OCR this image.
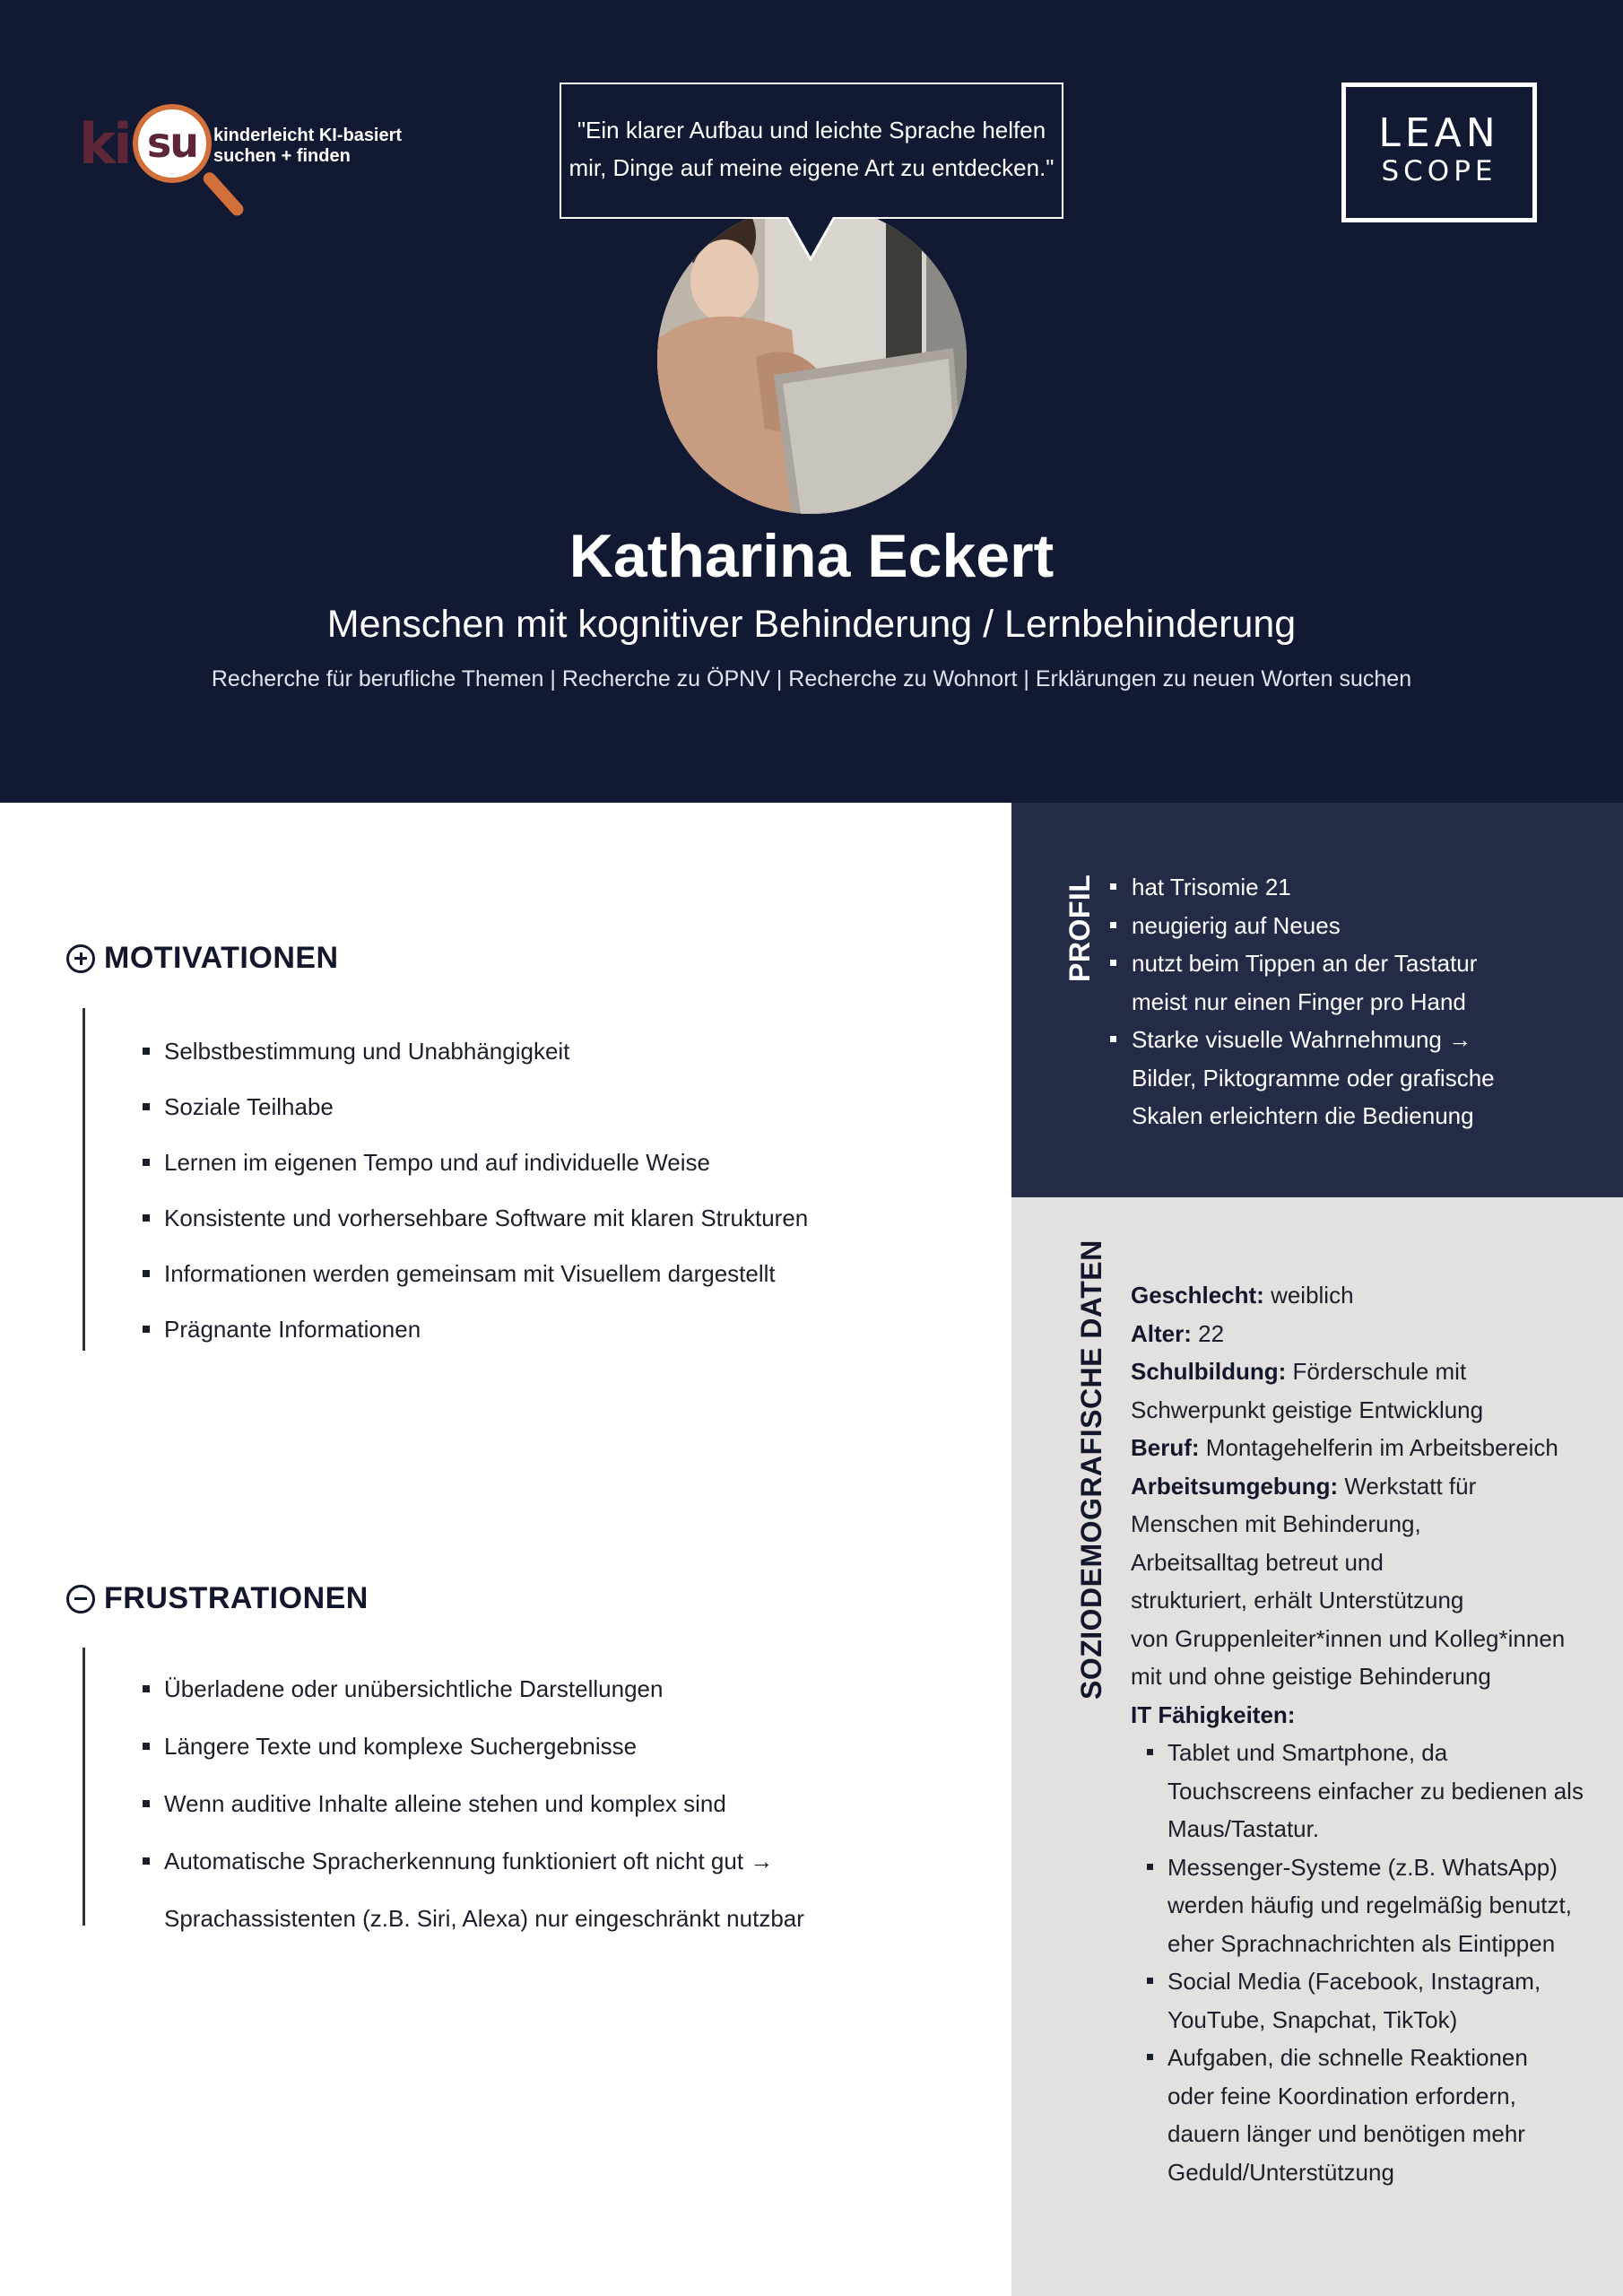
ki su kinderleicht KI-basiert
suchen + finden
"Ein klarer Aufbau und leichte Sprache helfen
mir, Dinge auf meine eigene Art zu entdecken."
LEAN
SCOPE
Katharina Eckert
Menschen mit kognitiver Behinderung / Lernbehinderung
Recherche für berufliche Themen | Recherche zu ÖPNV | Recherche zu Wohnort | Erklärungen zu neuen Worten suchen
MOTIVATIONEN
Selbstbestimmung und Unabhängigkeit
Soziale Teilhabe
Lernen im eigenen Tempo und auf individuelle Weise
Konsistente und vorhersehbare Software mit klaren Strukturen
Informationen werden gemeinsam mit Visuellem dargestellt
Prägnante Informationen
FRUSTRATIONEN
Überladene oder unübersichtliche Darstellungen
Längere Texte und komplexe Suchergebnisse
Wenn auditive Inhalte alleine stehen und komplex sind
Automatische Spracherkennung funktioniert oft nicht gut →
Sprachassistenten (z.B. Siri, Alexa) nur eingeschränkt nutzbar
PROFIL	hat Trisomie 21
neugierig auf Neues
nutzt beim Tippen an der Tastatur meist nur einen Finger pro Hand
Starke visuelle Wahrnehmung → Bilder, Piktogramme oder grafische Skalen erleichtern die Bedienung
SOZIODEMOGRAFISCHE DATEN Geschlecht: weiblich
Alter: 22
Schulbildung: Förderschule mit
Schwerpunkt geistige Entwicklung
Beruf: Montagehelferin im Arbeitsbereich
Arbeitsumgebung: Werkstatt für
Menschen mit Behinderung,
Arbeitsalltag betreut und
strukturiert, erhält Unterstützung
von Gruppenleiter*innen und Kolleg*innen
mit und ohne geistige Behinderung
IT Fähigkeiten:
Tablet und Smartphone, da Touchscreens einfacher zu bedienen als Maus/Tastatur.
Messenger-Systeme (z.B. WhatsApp) werden häufig und regelmäßig benutzt, eher Sprachnachrichten als Eintippen
Social Media (Facebook, Instagram, YouTube, Snapchat, TikTok)
Aufgaben, die schnelle Reaktionen oder feine Koordination erfordern, dauern länger und benötigen mehr Geduld/Unterstützung
